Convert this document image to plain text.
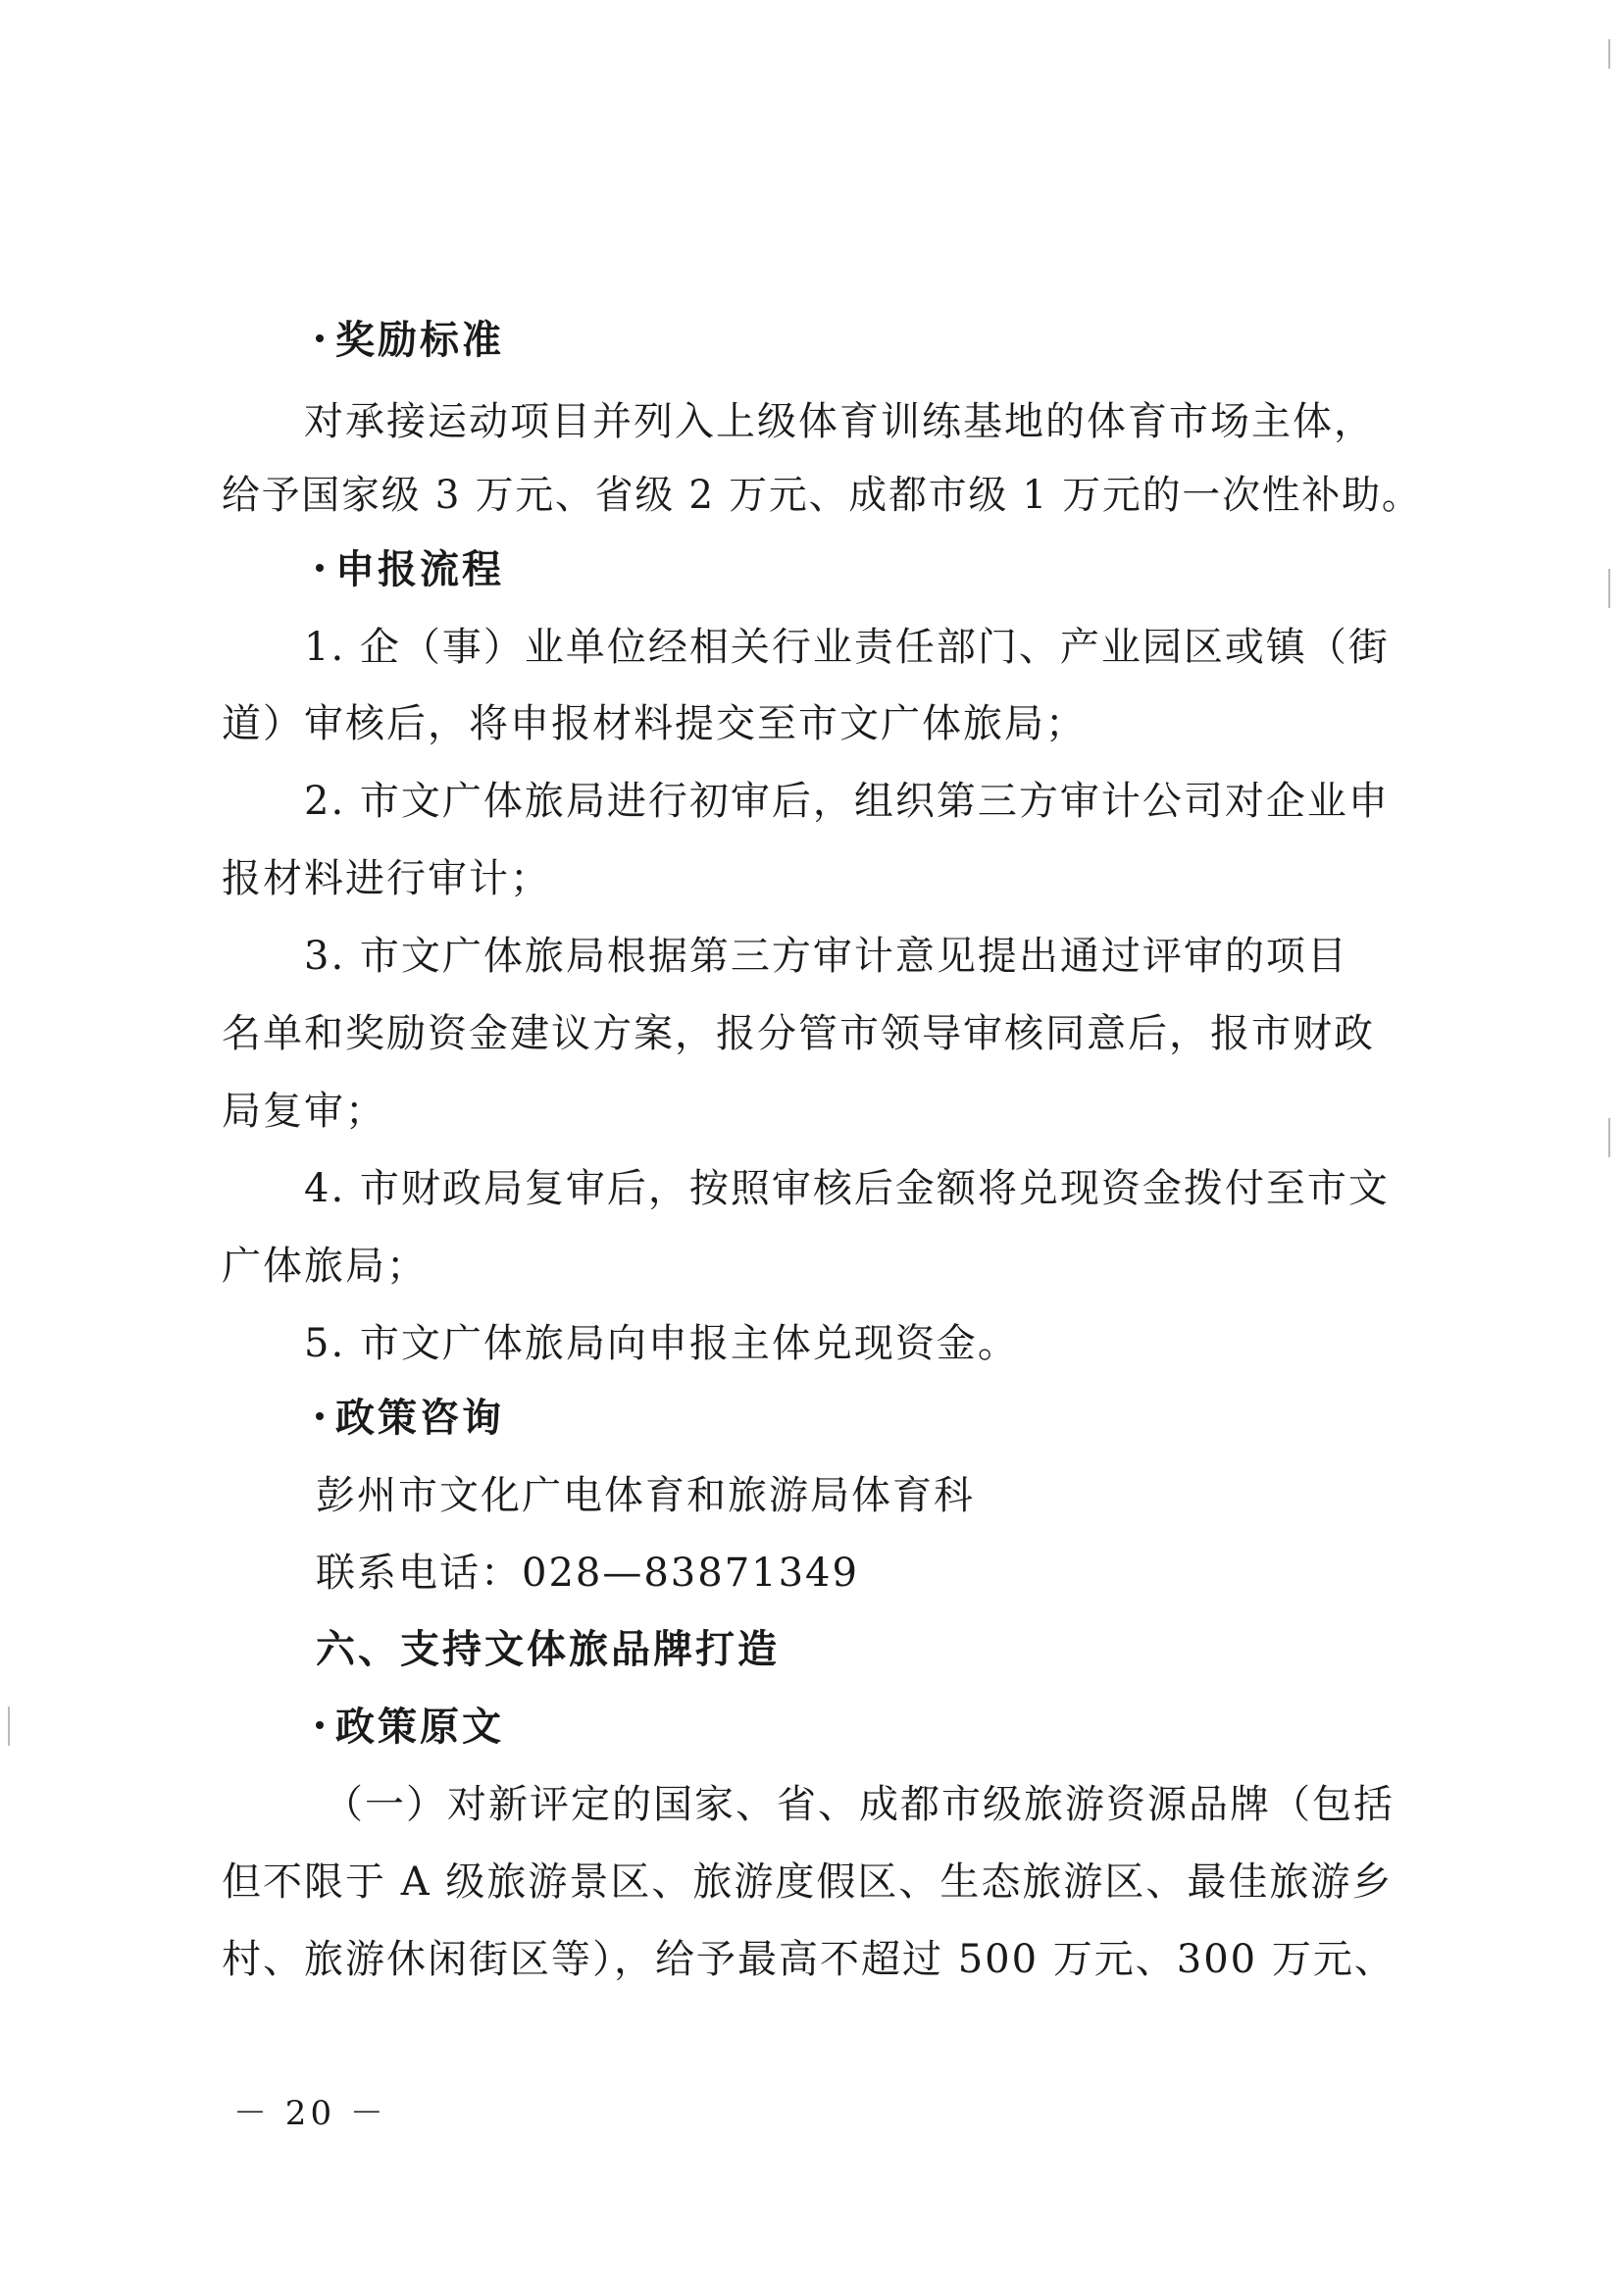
奖励标准
对承接运动项目并列入上级体育训练基地的体育市场主体，
给予国家级 3 万元、省级 2 万元、成都市级 1 万元的一次性补助。
申报流程
1. 企（事）业单位经相关行业责任部门、产业园区或镇（街
道）审核后，将申报材料提交至市文广体旅局；
2. 市文广体旅局进行初审后，组织第三方审计公司对企业申
报材料进行审计；
3. 市文广体旅局根据第三方审计意见提出通过评审的项目
名单和奖励资金建议方案，报分管市领导审核同意后，报市财政
局复审；
4. 市财政局复审后，按照审核后金额将兑现资金拨付至市文
广体旅局；
5. 市文广体旅局向申报主体兑现资金。
政策咨询
彭州市文化广电体育和旅游局体育科
联系电话：028—83871349
六、支持文体旅品牌打造
政策原文
（一）对新评定的国家、省、成都市级旅游资源品牌（包括
但不限于 A 级旅游景区、旅游度假区、生态旅游区、最佳旅游乡
村、旅游休闲街区等），给予最高不超过 500 万元、300 万元、
－ 20 －
